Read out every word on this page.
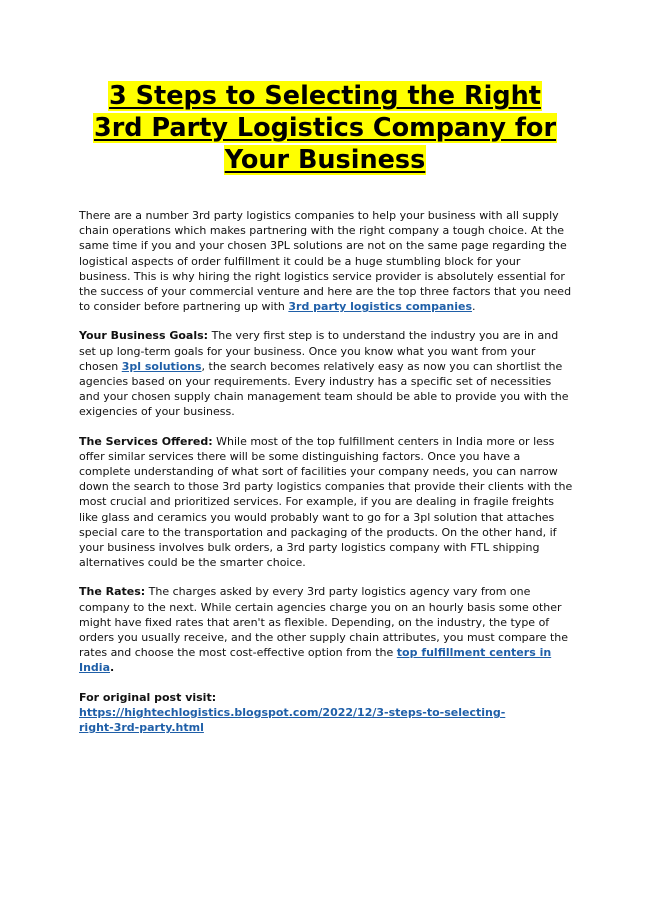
3 Steps to Selecting the Right
3rd Party Logistics Company for
Your Business

There are a number 3rd party logistics companies to help your business with all supply chain operations which makes partnering with the right company a tough choice. At the same time if you and your chosen 3PL solutions are not on the same page regarding the logistical aspects of order fulfillment it could be a huge stumbling block for your business. This is why hiring the right logistics service provider is absolutely essential for the success of your commercial venture and here are the top three factors that you need to consider before partnering up with 3rd party logistics companies.

Your Business Goals: The very first step is to understand the industry you are in and set up long-term goals for your business. Once you know what you want from your chosen 3pl solutions, the search becomes relatively easy as now you can shortlist the agencies based on your requirements. Every industry has a specific set of necessities and your chosen supply chain management team should be able to provide you with the exigencies of your business.

The Services Offered: While most of the top fulfillment centers in India more or less offer similar services there will be some distinguishing factors. Once you have a complete understanding of what sort of facilities your company needs, you can narrow down the search to those 3rd party logistics companies that provide their clients with the most crucial and prioritized services. For example, if you are dealing in fragile freights like glass and ceramics you would probably want to go for a 3pl solution that attaches special care to the transportation and packaging of the products. On the other hand, if your business involves bulk orders, a 3rd party logistics company with FTL shipping alternatives could be the smarter choice.

The Rates: The charges asked by every 3rd party logistics agency vary from one company to the next. While certain agencies charge you on an hourly basis some other might have fixed rates that aren't as flexible. Depending, on the industry, the type of orders you usually receive, and the other supply chain attributes, you must compare the rates and choose the most cost-effective option from the top fulfillment centers in India.

For original post visit:
https://hightechlogistics.blogspot.com/2022/12/3-steps-to-selecting-
right-3rd-party.html
